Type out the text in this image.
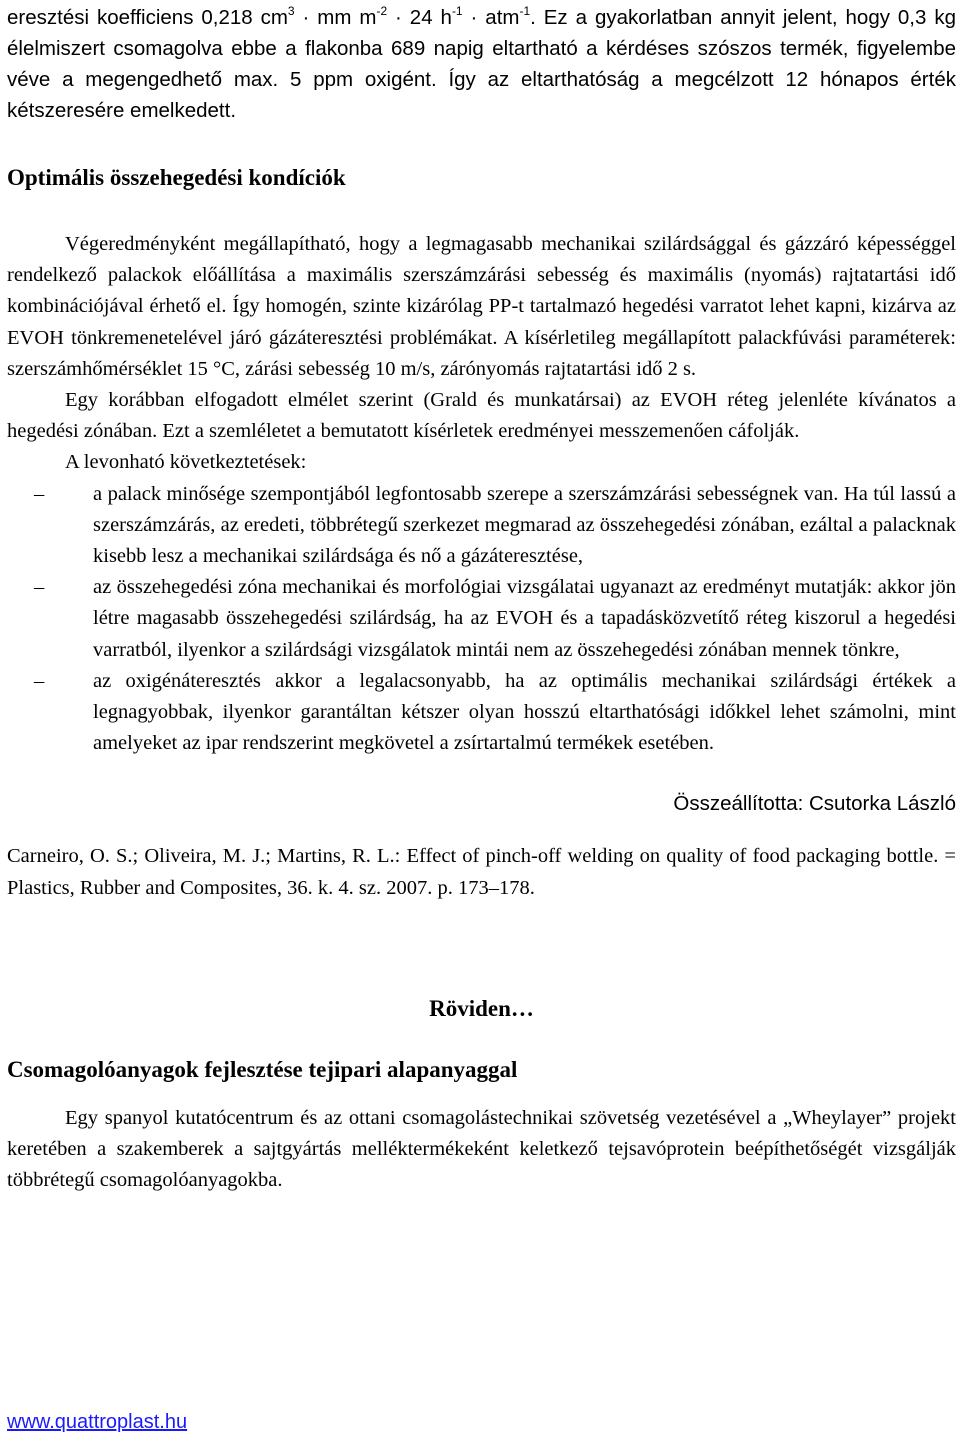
eresztési koefficiens 0,218 $cm^3$ · mm $m^{-2} \cdot 24$ $h^{-1} \cdot atm^{-1}$. Ez a gyakorlatban annyit jelent, hogy 0,3 kg élelmiszert csomagolva ebbe a flakonba 689 napig eltartható a kérdéses szószos termék, figyelembe véve a megengedhető max. 5 ppm oxigént. Így az eltarthatóság a megcélzott 12 hónapos érték kétszeresére emelkedett.

Optimális összehegedési kondíciók

Végeredményként megállapítható, hogy a legmagasabb mechanikai szilárdsággal és gázzáró képességgel rendelkező palackok előállítása a maximális szerszámzárási sebesség és maximális (nyomás) rajtatartási idő kombinációjával érhető el. Így homogén, szinte kizárólag PP-t tartalmazó hegedési varratot lehet kapni, kizárva az EVOH tönkremenetelével járó gázáteresztési problémákat. A kísérletileg megállapított palackfúvási paraméterek: szerszámhőmérséklet 15 °C, zárási sebesség 10 m/s, zárónyomás rajtatartási idő 2 s.

Egy korábban elfogadott elmélet szerint (Grald és munkatársai) az EVOH réteg jelenléte kívánatos a hegedési zónában. Ezt a szemléletet a bemutatott kísérletek eredményei messzemenően cáfolják.

A levonható következtetések:

– a palack minősége szempontjából legfontosabb szerepe a szerszámzárási sebességnek van. Ha túl lassú a szerszámzárás, az eredeti, többrétegű szerkezet megmarad az összehegedési zónában, ezáltal a palacknak kisebb lesz a mechanikai szilárdsága és nő a gázáteresztése,

– az összehegedési zóna mechanikai és morfológiai vizsgálatai ugyanazt az eredményt mutatják: akkor jön létre magasabb összehegedési szilárdság, ha az EVOH és a tapadásközvetítő réteg kiszorul a hegedési varratból, ilyenkor a szilárdsági vizsgálatok mintái nem az összehegedési zónában mennek tönkre,

– az oxigénáteresztés akkor a legalacsonyabb, ha az optimális mechanikai szilárdsági értékek a legnagyobbak, ilyenkor garantáltan kétszer olyan hosszú eltarthatósági időkkel lehet számolni, mint amelyeket az ipar rendszerint megkövetel a zsírtartalmú termékek esetében.

Összeállította: Csutorka László

Carneiro, O. S.; Oliveira, M. J.; Martins, R. L.: Effect of pinch-off welding on quality of food packaging bottle. = Plastics, Rubber and Composites, 36. k. 4. sz. 2007. p. 173–178.

Röviden…

Csomagolóanyagok fejlesztése tejipari alapanyaggal

Egy spanyol kutatócentrum és az ottani csomagolástechnikai szövetség vezetésével a „Wheylayer” projekt keretében a szakemberek a sajtgyártás melléktermékeként keletkező tejsavóprotein beépíthetőségét vizsgálják többrétegű csomagolóanyagokba.

www.quattroplast.hu
